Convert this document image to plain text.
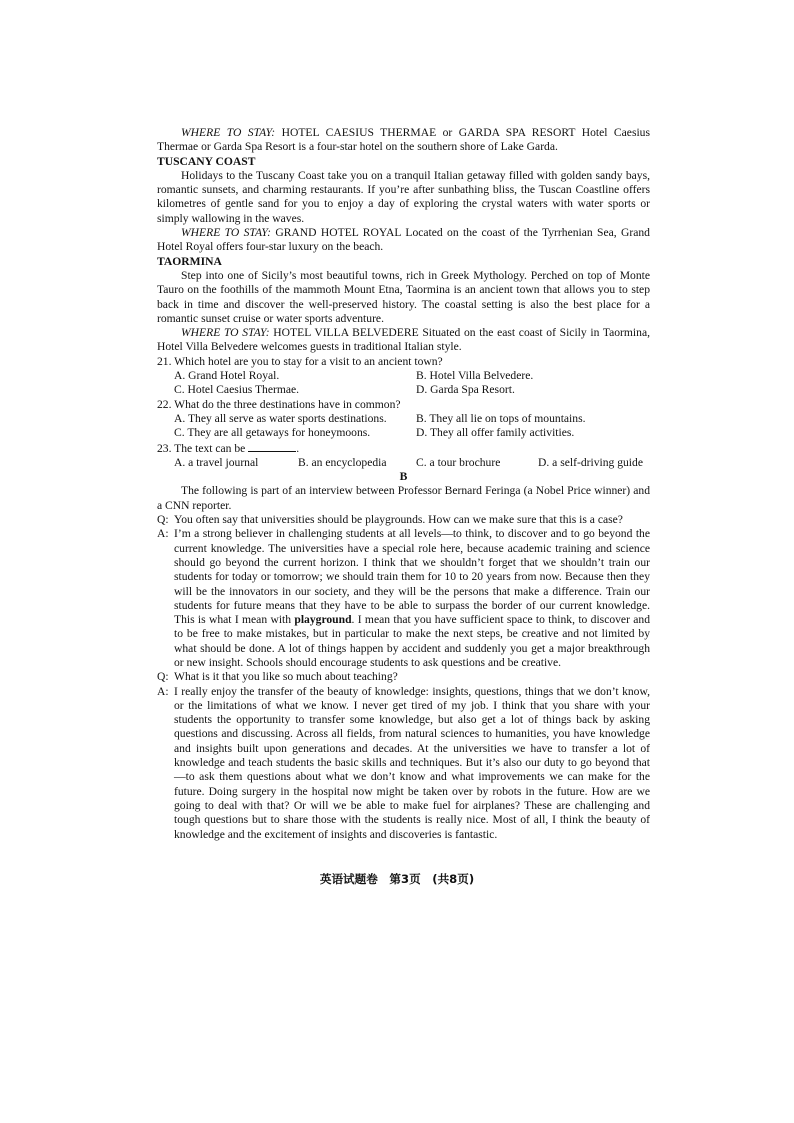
WHERE TO STAY: HOTEL CAESIUS THERMAE or GARDA SPA RESORT Hotel Caesius Thermae or Garda Spa Resort is a four-star hotel on the southern shore of Lake Garda.

TUSCANY COAST

Holidays to the Tuscany Coast take you on a tranquil Italian getaway filled with golden sandy bays, romantic sunsets, and charming restaurants. If you’re after sunbathing bliss, the Tuscan Coastline offers kilometres of gentle sand for you to enjoy a day of exploring the crystal waters with water sports or simply wallowing in the waves.

WHERE TO STAY: GRAND HOTEL ROYAL Located on the coast of the Tyrrhenian Sea, Grand Hotel Royal offers four-star luxury on the beach.

TAORMINA

Step into one of Sicily’s most beautiful towns, rich in Greek Mythology. Perched on top of Monte Tauro on the foothills of the mammoth Mount Etna, Taormina is an ancient town that allows you to step back in time and discover the well-preserved history. The coastal setting is also the best place for a romantic sunset cruise or water sports adventure.

WHERE TO STAY: HOTEL VILLA BELVEDERE Situated on the east coast of Sicily in Taormina, Hotel Villa Belvedere welcomes guests in traditional Italian style.

21. Which hotel are you to stay for a visit to an ancient town?

A. Grand Hotel Royal.	B. Hotel Villa Belvedere.
C. Hotel Caesius Thermae.	D. Garda Spa Resort.

22. What do the three destinations have in common?

A. They all serve as water sports destinations.	B. They all lie on tops of mountains.
C. They are all getaways for honeymoons.	D. They all offer family activities.

23. The text can be	.

A. a travel journal	B. an encyclopedia	C. a tour brochure	D. a self-driving guide

B

The following is part of an interview between Professor Bernard Feringa (a Nobel Price winner) and a CNN reporter.

Q: You often say that universities should be playgrounds. How can we make sure that this is a case?
A: I’m a strong believer in challenging students at all levels—to think, to discover and to go beyond the current knowledge. The universities have a special role here, because academic training and science should go beyond the current horizon. I think that we shouldn’t forget that we shouldn’t train our students for today or tomorrow; we should train them for 10 to 20 years from now. Because then they will be the innovators in our society, and they will be the persons that make a difference. Train our students for future means that they have to be able to surpass the border of our current knowledge. This is what I mean with playground. I mean that you have sufficient space to think, to discover and to be free to make mistakes, but in particular to make the next steps, be creative and not limited by what should be done. A lot of things happen by accident and suddenly you get a major breakthrough or new insight. Schools should encourage students to ask questions and be creative.
Q: What is it that you like so much about teaching?
A: I really enjoy the transfer of the beauty of knowledge: insights, questions, things that we don’t know, or the limitations of what we know. I never get tired of my job. I think that you share with your students the opportunity to transfer some knowledge, but also get a lot of things back by asking questions and discussing. Across all fields, from natural sciences to humanities, you have knowledge and insights built upon generations and decades. At the universities we have to transfer a lot of knowledge and teach students the basic skills and techniques. But it’s also our duty to go beyond that—to ask them questions about what we don’t know and what improvements we can make for the future. Doing surgery in the hospital now might be taken over by robots in the future. How are we going to deal with that? Or will we be able to make fuel for airplanes? These are challenging and tough questions but to share those with the students is really nice. Most of all, I think the beauty of knowledge and the excitement of insights and discoveries is fantastic.
英语试题卷　第3页　(共8页)
